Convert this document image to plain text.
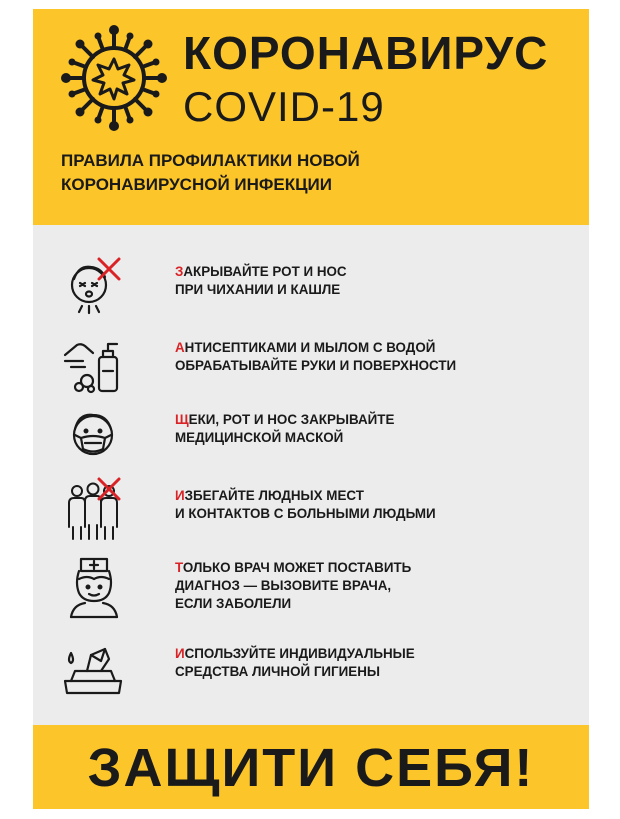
КОРОНАВИРУС
COVID-19
ПРАВИЛА ПРОФИЛАКТИКИ НОВОЙ
КОРОНАВИРУСНОЙ ИНФЕКЦИИ
ЗАКРЫВАЙТЕ РОТ И НОС
ПРИ ЧИХАНИИ И КАШЛЕ
АНТИСЕПТИКАМИ И МЫЛОМ С ВОДОЙ
ОБРАБАТЫВАЙТЕ РУКИ И ПОВЕРХНОСТИ
ЩЕКИ, РОТ И НОС ЗАКРЫВАЙТЕ
МЕДИЦИНСКОЙ МАСКОЙ
ИЗБЕГАЙТЕ ЛЮДНЫХ МЕСТ
И КОНТАКТОВ С БОЛЬНЫМИ ЛЮДЬМИ
ТОЛЬКО ВРАЧ МОЖЕТ ПОСТАВИТЬ
ДИАГНОЗ — ВЫЗОВИТЕ ВРАЧА,
ЕСЛИ ЗАБОЛЕЛИ
ИСПОЛЬЗУЙТЕ ИНДИВИДУАЛЬНЫЕ
СРЕДСТВА ЛИЧНОЙ ГИГИЕНЫ
ЗАЩИТИ СЕБЯ!
